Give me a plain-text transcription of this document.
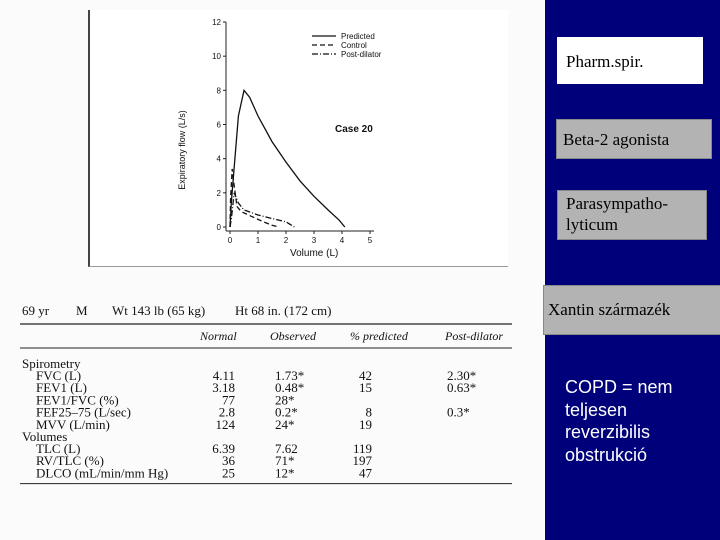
0
2
4
6
8
10
12
0	1	2	3	4	5
Case 20
Volume (L)
Expiratory flow (L/s)
Predicted
Control
Post-dilator
69 yr M Wt 143 lb (65 kg) Ht 68 in. (172 cm)
Normal	Observed	% predicted	Post-dilator
Spirometry
FVC (L)	4.11	1.73*	42	2.30*
FEV1 (L)	3.18	0.48*	15	0.63*
FEV1/FVC (%)	77	28*
FEF25–75 (L/sec)	2.8	0.2*	8	0.3*
MVV (L/min)	124	24*	19
Volumes
TLC (L)	6.39	7.62	119
RV/TLC (%)	36	71*	197
DLCO (mL/min/mm Hg)	25	12*	47
Pharm.spir.
Beta-2 agonista
Parasympatho-lyticum
Xantin származék
COPD = nem
teljesen
reverzibilis
obstrukció
